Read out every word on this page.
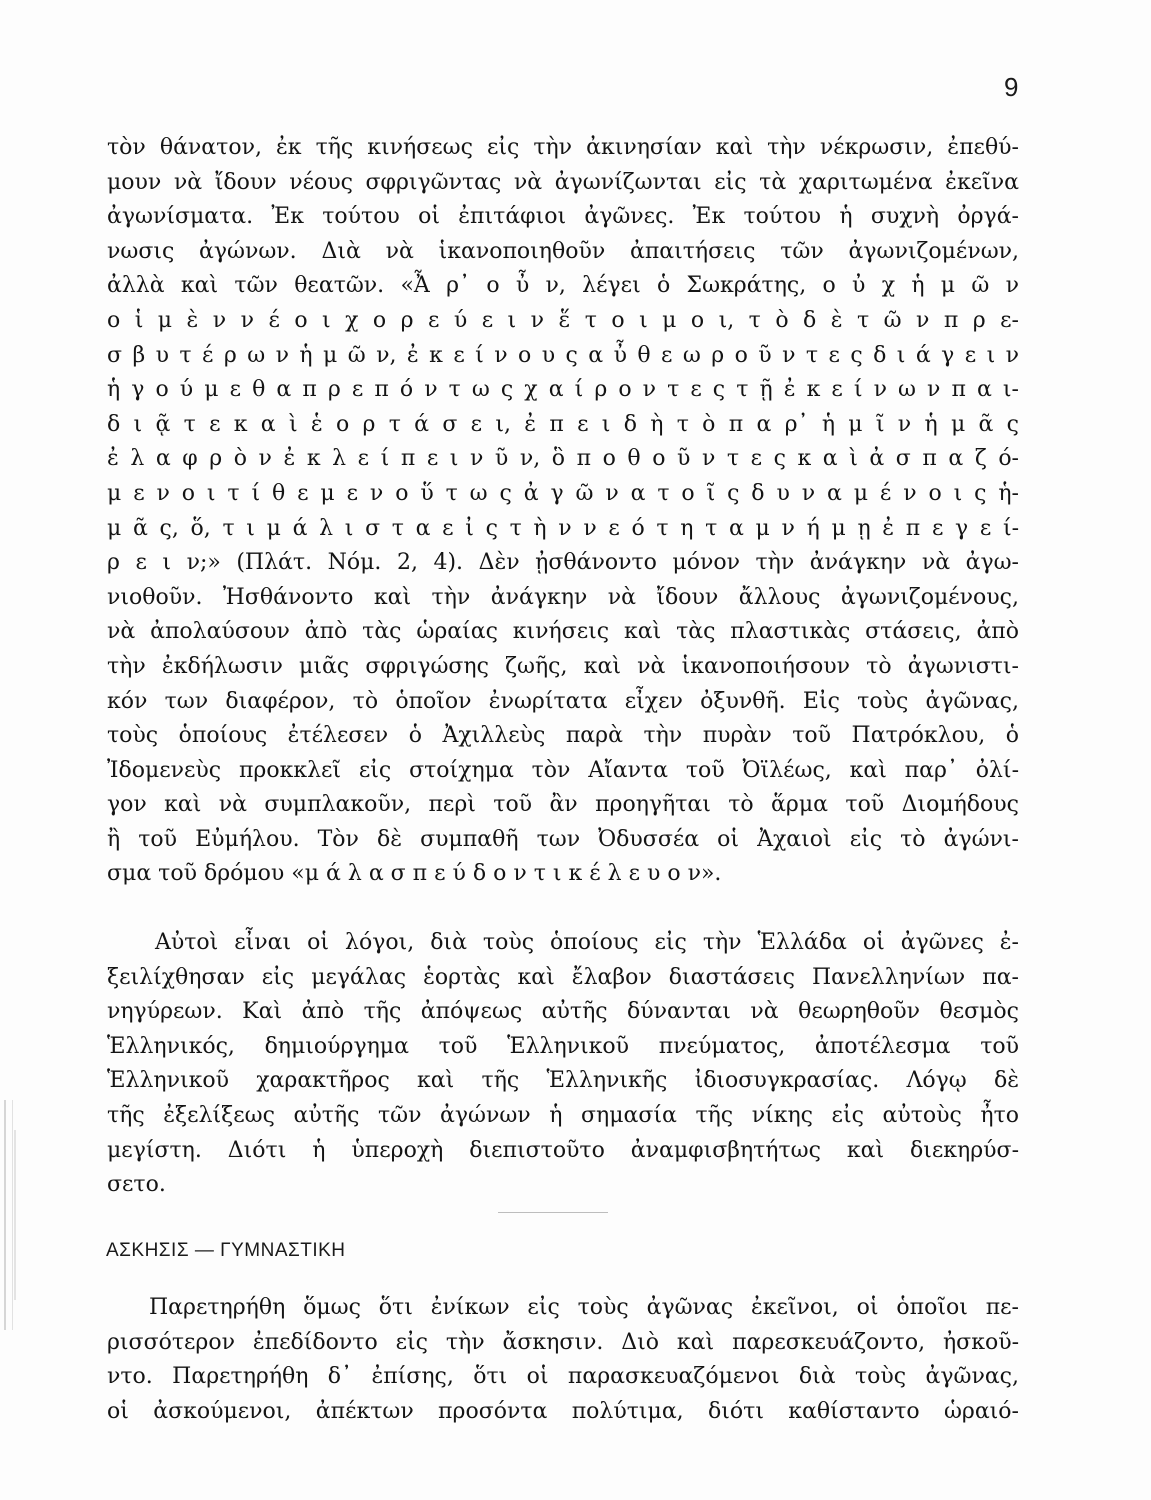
9
τὸν θάνατον, ἐκ τῆς κινήσεως εἰς τὴν ἀκινησίαν καὶ τὴν νέκρωσιν, ἐπεθύ-
μουν νὰ ἴδουν νέους σφριγῶντας νὰ ἀγωνίζωνται εἰς τὰ χαριτωμένα ἐκεῖνα
ἀγωνίσματα. Ἐκ τούτου οἱ ἐπιτάφιοι ἀγῶνες. Ἐκ τούτου ἡ συχνὴ ὀργά-
νωσις ἀγώνων. Διὰ νὰ ἱκανοποιηθοῦν ἀπαιτήσεις τῶν ἀγωνιζομένων,
ἀλλὰ καὶ τῶν θεατῶν. «Ἆ ρ᾽ ο ὖ ν, λέγει ὁ Σωκράτης, ο ὐ χ ἡ μ ῶ ν
ο ἱ μ ὲ ν ν έ ο ι χ ο ρ ε ύ ε ι ν ἕ τ ο ι μ ο ι, τ ὸ δ ὲ τ ῶ ν π ρ ε-
σ β υ τ έ ρ ω ν ἡ μ ῶ ν, ἐ κ ε ί ν ο υ ς α ὖ θ ε ω ρ ο ῦ ν τ ε ς δ ι ά γ ε ι ν
ἡ γ ο ύ μ ε θ α π ρ ε π ό ν τ ω ς χ α ί ρ ο ν τ ε ς τ ῇ ἐ κ ε ί ν ω ν π α ι-
δ ι ᾷ τ ε κ α ὶ ἑ ο ρ τ ά σ ε ι, ἐ π ε ι δ ὴ τ ὸ π α ρ᾽ ἡ μ ῖ ν ἡ μ ᾶ ς
ἐ λ α φ ρ ὸ ν ἐ κ λ ε ί π ε ι ν ῦ ν, ὃ π ο θ ο ῦ ν τ ε ς κ α ὶ ἀ σ π α ζ ό-
μ ε ν ο ι τ ί θ ε μ ε ν ο ὕ τ ω ς ἀ γ ῶ ν α τ ο ῖ ς δ υ ν α μ έ ν ο ι ς ἡ-
μ ᾶ ς, ὅ, τ ι μ ά λ ι σ τ α ε ἰ ς τ ὴ ν ν ε ό τ η τ α μ ν ή μ ῃ ἐ π ε γ ε ί-
ρ ε ι ν;» (Πλάτ. Νόμ. 2, 4). Δὲν ᾐσθάνοντο μόνον τὴν ἀνάγκην νὰ ἀγω-
νιοθοῦν. Ἠσθάνοντο καὶ τὴν ἀνάγκην νὰ ἴδουν ἄλλους ἀγωνιζομένους,
νὰ ἀπολαύσουν ἀπὸ τὰς ὡραίας κινήσεις καὶ τὰς πλαστικὰς στάσεις, ἀπὸ
τὴν ἐκδήλωσιν μιᾶς σφριγώσης ζωῆς, καὶ νὰ ἱκανοποιήσουν τὸ ἀγωνιστι-
κόν των διαφέρον, τὸ ὁποῖον ἐνωρίτατα εἶχεν ὀξυνθῆ. Εἰς τοὺς ἀγῶνας,
τοὺς ὁποίους ἐτέλεσεν ὁ Ἀχιλλεὺς παρὰ τὴν πυρὰν τοῦ Πατρόκλου, ὁ
Ἰδομενεὺς προκκλεῖ εἰς στοίχημα τὸν Αἴαντα τοῦ Ὀϊλέως, καὶ παρ᾽ ὀλί-
γον καὶ νὰ συμπλακοῦν, περὶ τοῦ ἂν προηγῆται τὸ ἅρμα τοῦ Διομήδους
ἢ τοῦ Εὐμήλου. Τὸν δὲ συμπαθῆ των Ὀδυσσέα οἱ Ἀχαιοὶ εἰς τὸ ἀγώνι-
σμα τοῦ δρόμου «μ ά λ α σ π ε ύ δ ο ν τ ι κ έ λ ε υ ο ν».
Αὐτοὶ εἶναι οἱ λόγοι, διὰ τοὺς ὁποίους εἰς τὴν Ἑλλάδα οἱ ἀγῶνες ἐ-
ξειλίχθησαν εἰς μεγάλας ἑορτὰς καὶ ἔλαβον διαστάσεις Πανελληνίων πα-
νηγύρεων. Καὶ ἀπὸ τῆς ἀπόψεως αὐτῆς δύνανται νὰ θεωρηθοῦν θεσμὸς
Ἑλληνικός, δημιούργημα τοῦ Ἑλληνικοῦ πνεύματος, ἀποτέλεσμα τοῦ
Ἑλληνικοῦ χαρακτῆρος καὶ τῆς Ἑλληνικῆς ἰδιοσυγκρασίας. Λόγῳ δὲ
τῆς ἐξελίξεως αὐτῆς τῶν ἀγώνων ἡ σημασία τῆς νίκης εἰς αὐτοὺς ἦτο
μεγίστη. Διότι ἡ ὑπεροχὴ διεπιστοῦτο ἀναμφισβητήτως καὶ διεκηρύσ-
σετο.
ΑΣΚΗΣΙΣ — ΓΥΜΝΑΣΤΙΚΗ
Παρετηρήθη ὅμως ὅτι ἐνίκων εἰς τοὺς ἀγῶνας ἐκεῖνοι, οἱ ὁποῖοι πε-
ρισσότερον ἐπεδίδοντο εἰς τὴν ἄσκησιν. Διὸ καὶ παρεσκευάζοντο, ἠσκοῦ-
ντο. Παρετηρήθη δ᾽ ἐπίσης, ὅτι οἱ παρασκευαζόμενοι διὰ τοὺς ἀγῶνας,
οἱ ἀσκούμενοι, ἀπέκτων προσόντα πολύτιμα, διότι καθίσταντο ὡραιό-
